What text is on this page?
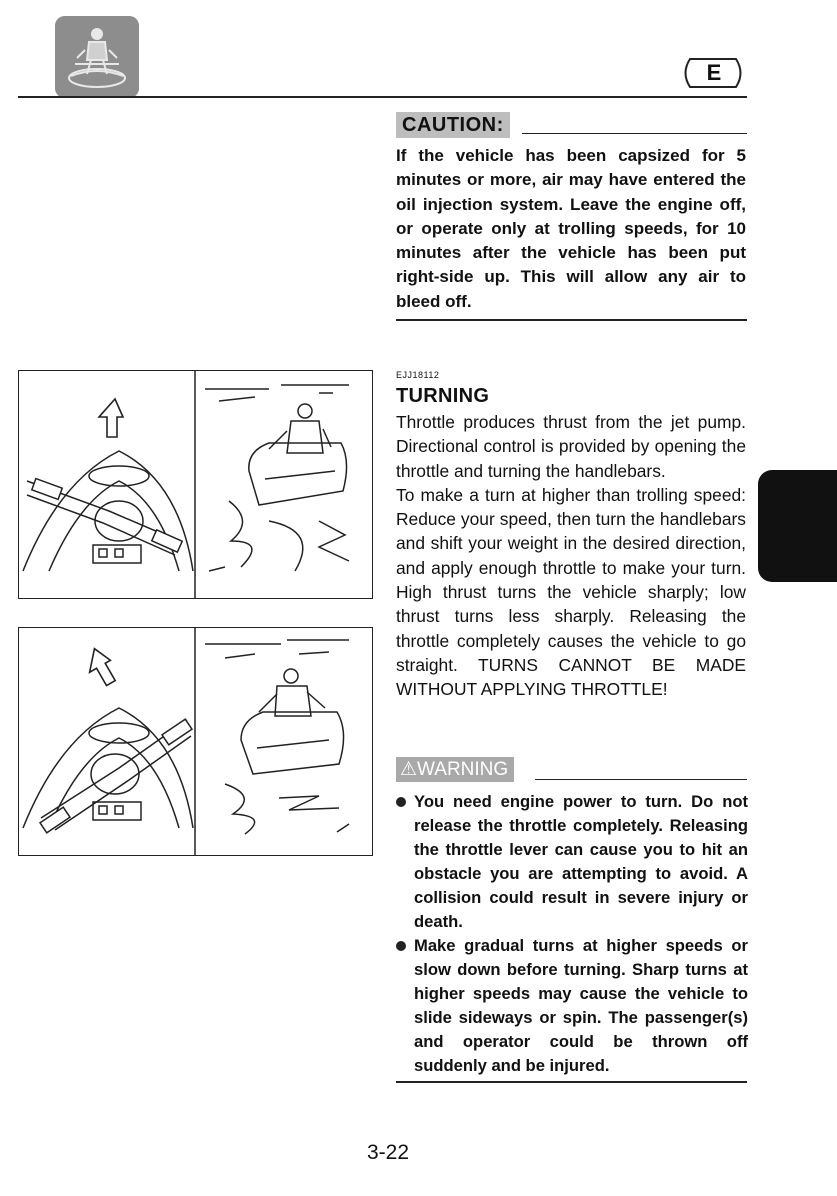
E
CAUTION:
If the vehicle has been capsized for 5 minutes or more, air may have entered the oil injection system. Leave the engine off, or operate only at trolling speeds, for 10 minutes after the vehicle has been put right-side up. This will allow any air to bleed off.
EJJ18112
TURNING

Throttle produces thrust from the jet pump. Directional control is provided by opening the throttle and turning the handlebars.

To make a turn at higher than trolling speed: Reduce your speed, then turn the handlebars and shift your weight in the desired direction, and apply enough throttle to make your turn. High thrust turns the vehicle sharply; low thrust turns less sharply. Releasing the throttle completely causes the vehicle to go straight. TURNS CANNOT BE MADE WITHOUT APPLYING THROTTLE!

⚠WARNING
You need engine power to turn. Do not release the throttle completely. Releasing the throttle lever can cause you to hit an obstacle you are attempting to avoid. A collision could result in severe injury or death.
Make gradual turns at higher speeds or slow down before turning. Sharp turns at higher speeds may cause the vehicle to slide sideways or spin. The passenger(s) and operator could be thrown off suddenly and be injured.
3-22
